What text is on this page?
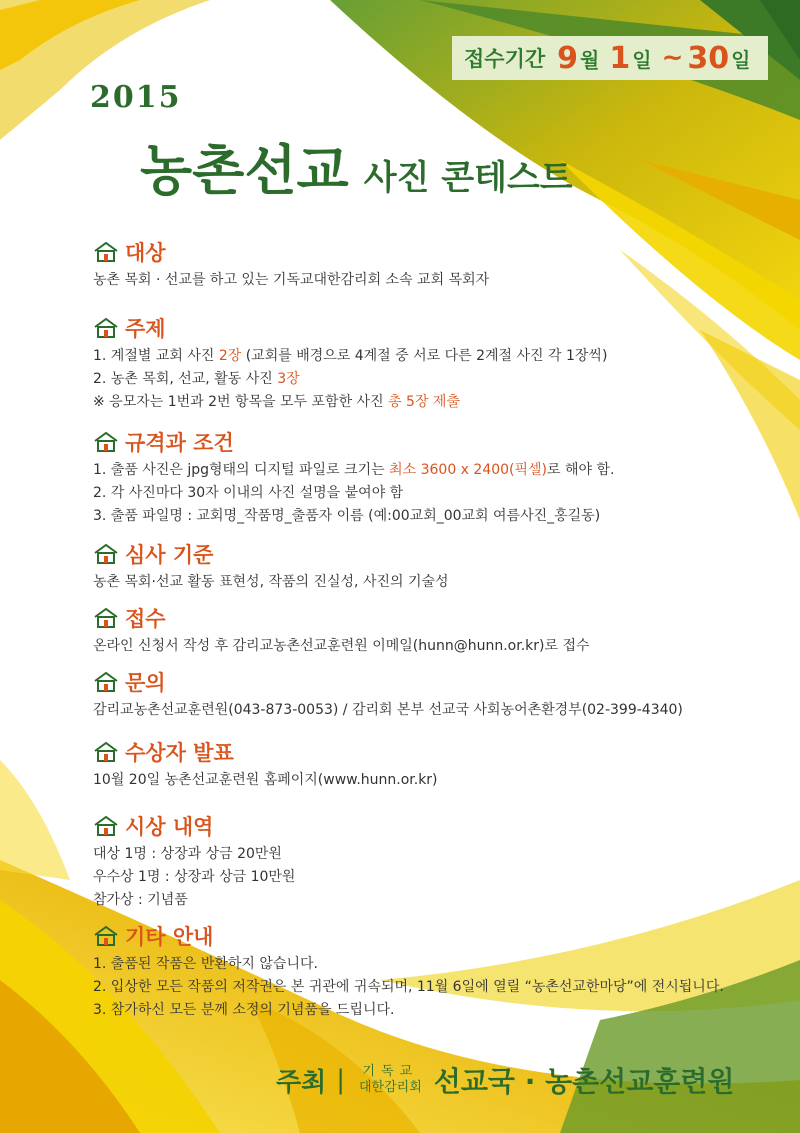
접수기간 9 월 1 일 ~ 30 일
2015
농촌선교 사진 콘테스트
대상
농촌 목회 · 선교를 하고 있는 기독교대한감리회 소속 교회 목회자
주제
1. 계절별 교회 사진 2장 (교회를 배경으로 4계절 중 서로 다른 2계절 사진 각 1장씩)
2. 농촌 목회, 선교, 활동 사진 3장
※ 응모자는 1번과 2번 항목을 모두 포함한 사진 총 5장 제출
규격과 조건
1. 출품 사진은 jpg형태의 디지털 파일로 크기는 최소 3600 x 2400(픽셀)로 해야 함.
2. 각 사진마다 30자 이내의 사진 설명을 붙여야 함
3. 출품 파일명 : 교회명_작품명_출품자 이름 (예:00교회_00교회 여름사진_홍길동)
심사 기준
농촌 목회·선교 활동 표현성, 작품의 진실성, 사진의 기술성
접수
온라인 신청서 작성 후 감리교농촌선교훈련원 이메일(hunn@hunn.or.kr)로 접수
문의
감리교농촌선교훈련원(043-873-0053) / 감리회 본부 선교국 사회농어촌환경부(02-399-4340)
수상자 발표
10월 20일 농촌선교훈련원 홈페이지(www.hunn.or.kr)
시상 내역
대상 1명 : 상장과 상금 20만원
우수상 1명 : 상장과 상금 10만원
참가상 : 기념품
기타 안내
1. 출품된 작품은 반환하지 않습니다.
2. 입상한 모든 작품의 저작권은 본 귀관에 귀속되며, 11월 6일에 열릴 “농촌선교한마당”에 전시됩니다.
3. 참가하신 모든 분께 소정의 기념품을 드립니다.
주최 | 기독교
대한감리회 선교국 · 농촌선교훈련원
